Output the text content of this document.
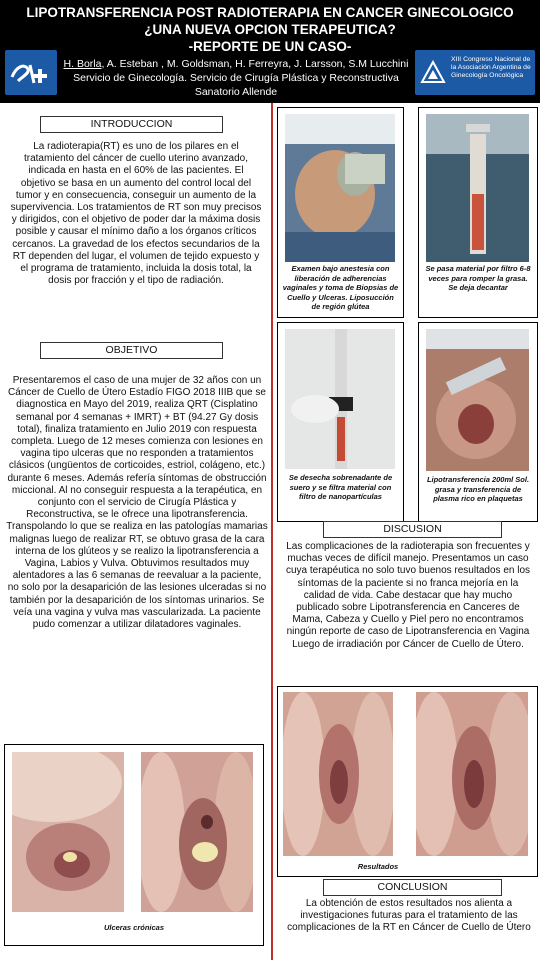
LIPOTRANSFERENCIA POST RADIOTERAPIA EN CANCER GINECOLOGICO
¿UNA NUEVA OPCION TERAPEUTICA?
-REPORTE DE UN CASO-
H. Borla, A. Esteban , M. Goldsman, H. Ferreyra, J. Larsson, S.M Lucchini
Servicio de Ginecología. Servicio de Cirugía Plástica y Reconstructiva
Sanatorio Allende
XIII Congreso Nacional de la Asociación Argentina de Ginecología Oncológica
INTRODUCCION
La radioterapia(RT) es uno de los pilares en el tratamiento del cáncer de cuello uterino avanzado, indicada en hasta en el 60% de las pacientes. El objetivo se basa en un aumento del control local del tumor y en consecuencia, conseguir un aumento de la supervivencia. Los tratamientos de RT son muy precisos y dirigidos, con el objetivo de poder dar la máxima dosis posible y causar el mínimo daño a los órganos críticos cercanos. La gravedad de los efectos secundarios de la RT dependen del lugar, el volumen de tejido expuesto y el programa de tratamiento, incluida la dosis total, la dosis por fracción y el tipo de radiación.
OBJETIVO
Presentaremos el caso de una mujer de 32 años con un Cáncer de Cuello de Útero Estadío FIGO 2018 IIIB que se diagnostica en Mayo del 2019, realiza QRT (Cisplatino semanal por 4 semanas + IMRT) + BT (94.27 Gy dosis total), finaliza tratamiento en Julio 2019 con respuesta completa. Luego de 12 meses comienza con lesiones en vagina tipo ulceras que no responden a tratamientos clásicos (ungüentos de corticoides, estriol, colágeno, etc.) durante 6 meses. Además refería síntomas de obstrucción miccional. Al no conseguir respuesta a la terapéutica, en conjunto con el servicio de Cirugía Plástica y Reconstructiva, se le ofrece una lipotransferencia. Transpolando lo que se realiza en las patologías mamarias malignas luego de realizar RT, se obtuvo grasa de la cara interna de los glúteos y se realizo la lipotransferencia a Vagina, Labios y Vulva. Obtuvimos resultados muy alentadores a las 6 semanas de reevaluar a la paciente, no solo por la desaparición de las lesiones ulceradas si no también por la desaparición de los síntomas urinarios. Se veía una vagina y vulva mas vascularizada. La paciente pudo comenzar a utilizar dilatadores vaginales.
Ulceras crónicas
Examen bajo anestesia con liberación de adherencias vaginales y toma de Biopsias de Cuello y Ulceras. Liposucción de región glútea
Se pasa material por filtro 6-8 veces para romper la grasa. Se deja decantar
Se desecha sobrenadante de suero y se filtra material con filtro de nanopartículas
Lipotransferencia 200ml Sol. grasa y transferencia de plasma rico en plaquetas
DISCUSION
Las complicaciones de la radioterapia son frecuentes y muchas veces de difícil manejo. Presentamos un caso cuya terapéutica no solo tuvo buenos resultados en los síntomas de la paciente si no franca mejoría en la calidad de vida. Cabe destacar que hay mucho publicado sobre Lipotransferencia en Canceres de Mama, Cabeza y Cuello y Piel pero no encontramos ningún reporte de caso de Lipotransferencia en Vagina Luego de irradiación por Cáncer de Cuello de Útero.
Resultados
CONCLUSION
La obtención de estos resultados nos alienta a investigaciones futuras para el tratamiento de las complicaciones de la RT en Cáncer de Cuello de Útero
